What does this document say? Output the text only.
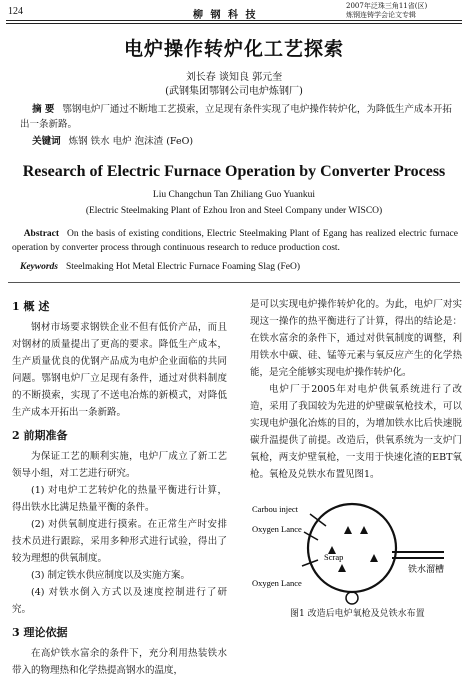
124	柳 钢 科 技
2007年泛珠三角11省(区)
炼钢连铸学会论文专辑
电炉操作转炉化工艺探索
刘长春 谈知良 郭元奎
(武钢集团鄂钢公司电炉炼钢厂)
摘 要 鄂钢电炉厂通过不断地工艺摸索，立足现有条件实现了电炉操作转炉化，为降低生产成本开拓出一条新路。
关键词 炼钢 铁水 电炉 泡沫渣 (FeO)
Research of Electric Furnace Operation by Converter Process
Liu Changchun Tan Zhiliang Guo Yuankui
(Electric Steelmaking Plant of Ezhou Iron and Steel Company under WISCO)
Abstract On the basis of existing conditions, Electric Steelmaking Plant of Egang has realized electric furnace operation by converter process through continuous research to reduce production cost.
Keywords Steelmaking Hot Metal Electric Furnace Foaming Slag (FeO)
1 概 述

钢材市场要求钢铁企业不但有低价产品，而且对钢材的质量提出了更高的要求。降低生产成本，生产质量优良的优钢产品成为电炉企业面临的共同问题。鄂钢电炉厂立足现有条件，通过对供料制度的不断摸索，实现了不送电冶炼的新模式，对降低生产成本开拓出一条新路。

2 前期准备

为保证工艺的顺利实施，电炉厂成立了新工艺领导小组，对工艺进行研究。

(1) 对电炉工艺转炉化的热量平衡进行计算，得出铁水比满足热量平衡的条件。

(2) 对供氧制度进行摸索。在正常生产时安排技术员进行跟踪，采用多种形式进行试验，得出了较为理想的供氧制度。

(3) 制定铁水供应制度以及实施方案。

(4) 对铁水倒入方式以及速度控制进行了研究。

3 理论依据

在高炉铁水富余的条件下，充分利用热装铁水带入的物理热和化学热提高钢水的温度，

是可以实现电炉操作转炉化的。为此，电炉厂对实现这一操作的热平衡进行了计算，得出的结论是：在铁水富余的条件下，通过对供氧制度的调整，利用铁水中碳、硅、锰等元素与氧反应产生的化学热能，是完全能够实现电炉操作转炉化。

电炉厂于2005年对电炉供氧系统进行了改造，采用了我国较为先进的炉壁碳氧枪技术，可以实现电炉强化冶炼的目的，为增加铁水比后快速脱碳升温提供了前提。改造后，供氧系统为一支炉门氧枪，两支炉壁氧枪，一支用于快速化渣的EBT氧枪。氧枪及兑铁水布置见图1。

Carbou inject
Oxygen Lance
Scrap
Oxygen Lance
铁水溜槽
图1 改造后电炉氧枪及兑铁水布置
